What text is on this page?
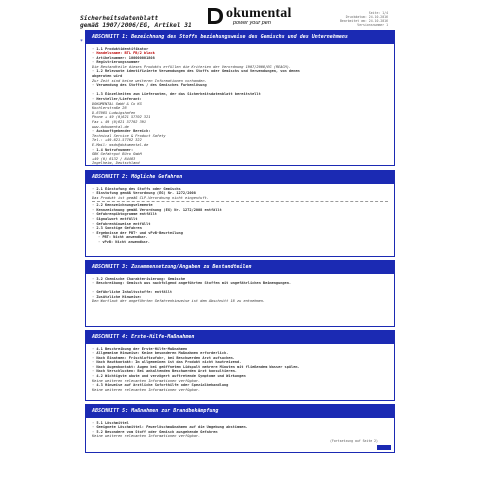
Sicherheitsdatenblatt
gemäß 1907/2006/EG, Artikel 31
okumental
power your pen
Seite: 1/4
Druckdatum: 24.10.2016
Bearbeitet am: 24.10.2016
Versionsnummer 1
*
ABSCHNITT 1: Bezeichnung des Stoffs beziehungsweise des Gemischs und des Unternehmens
· 1.1 Produktidentifikator
· Handelsname: BTL FB/2 black
· Artikelnummer: 100000001808
· Registrierungsnummer
Die Bestandteile dieses Produkts erfüllen die Kriterien der Verordnung 1907/2006/EG (REACH).
· 1.2 Relevante identifizierte Verwendungen des Stoffs oder Gemischs und Verwendungen, von denen
abgeraten wird
Zur Zeit sind keine weiteren Informationen vorhanden.
· Verwendung des Stoffes / des Gemisches Farbenlösung

· 1.3 Einzelheiten zum Lieferanten, der das Sicherheitsdatenblatt bereitstellt
· Hersteller/Lieferant:
DOKUMENTAL GmbH & Co KG
Kochlerstraße 26
D-67065 Ludwigshafen
Phone + 49 (0)621 57702 321
Fax + 49 (0)621 57702 391
www.dokumental.de
· Auskunftgebender Bereich:
Technical Service & Product Safety
Tel.: +49-621-57702 322
E-Mail: msds@dokumental.de
· 1.4 Notrufnummer:
GBK Gefahrgut Büro GmbH
+49 (0) 6132 / 84463
Ingelheim, Deutschland
ABSCHNITT 2: Mögliche Gefahren
· 2.1 Einstufung des Stoffs oder Gemischs
· Einstufung gemäß Verordnung (EG) Nr. 1272/2008
Das Produkt ist gemäß CLP-Verordnung nicht eingestuft.
· 2.2 Kennzeichnungselemente
· Kennzeichnung gemäß Verordnung (EG) Nr. 1272/2008 entfällt
· Gefahrenpiktogramme entfällt
· Signalwort entfällt
· Gefahrenhinweise entfällt
· 2.3 Sonstige Gefahren
· Ergebnisse der PBT- und vPvB-Beurteilung
· PBT: Nicht anwendbar.
· vPvB: Nicht anwendbar.
ABSCHNITT 3: Zusammensetzung/Angaben zu Bestandteilen
· 3.2 Chemische Charakterisierung: Gemische
· Beschreibung: Gemisch aus nachfolgend angeführten Stoffen mit ungefährlichen Beimengungen.

· Gefährliche Inhaltsstoffe: entfällt
· Zusätzliche Hinweise:
Den Wortlaut der angeführten Gefahrenhinweise ist dem Abschnitt 16 zu entnehmen.
ABSCHNITT 4: Erste-Hilfe-Maßnahmen
· 4.1 Beschreibung der Erste-Hilfe-Maßnahmen
· Allgemeine Hinweise: Keine besonderen Maßnahmen erforderlich.
· Nach Einatmen: Frischluftzufuhr, bei Beschwerden Arzt aufsuchen.
· Nach Hautkontakt: Im allgemeinen ist das Produkt nicht hautreizend.
· Nach Augenkontakt: Augen bei geöffnetem Lidspalt mehrere Minuten mit fließendem Wasser spülen.
· Nach Verschlucken: Bei anhaltenden Beschwerden Arzt konsultieren.
· 4.2 Wichtigste akute und verzögert auftretende Symptome und Wirkungen
Keine weiteren relevanten Informationen verfügbar.
· 4.3 Hinweise auf ärztliche Soforthilfe oder Spezialbehandlung
Keine weiteren relevanten Informationen verfügbar.
ABSCHNITT 5: Maßnahmen zur Brandbekämpfung
· 5.1 Löschmittel
· Geeignete Löschmittel: Feuerlöschmaßnahmen auf die Umgebung abstimmen.
· 5.2 Besondere vom Stoff oder Gemisch ausgehende Gefahren
Keine weiteren relevanten Informationen verfügbar.
(Fortsetzung auf Seite 2)
